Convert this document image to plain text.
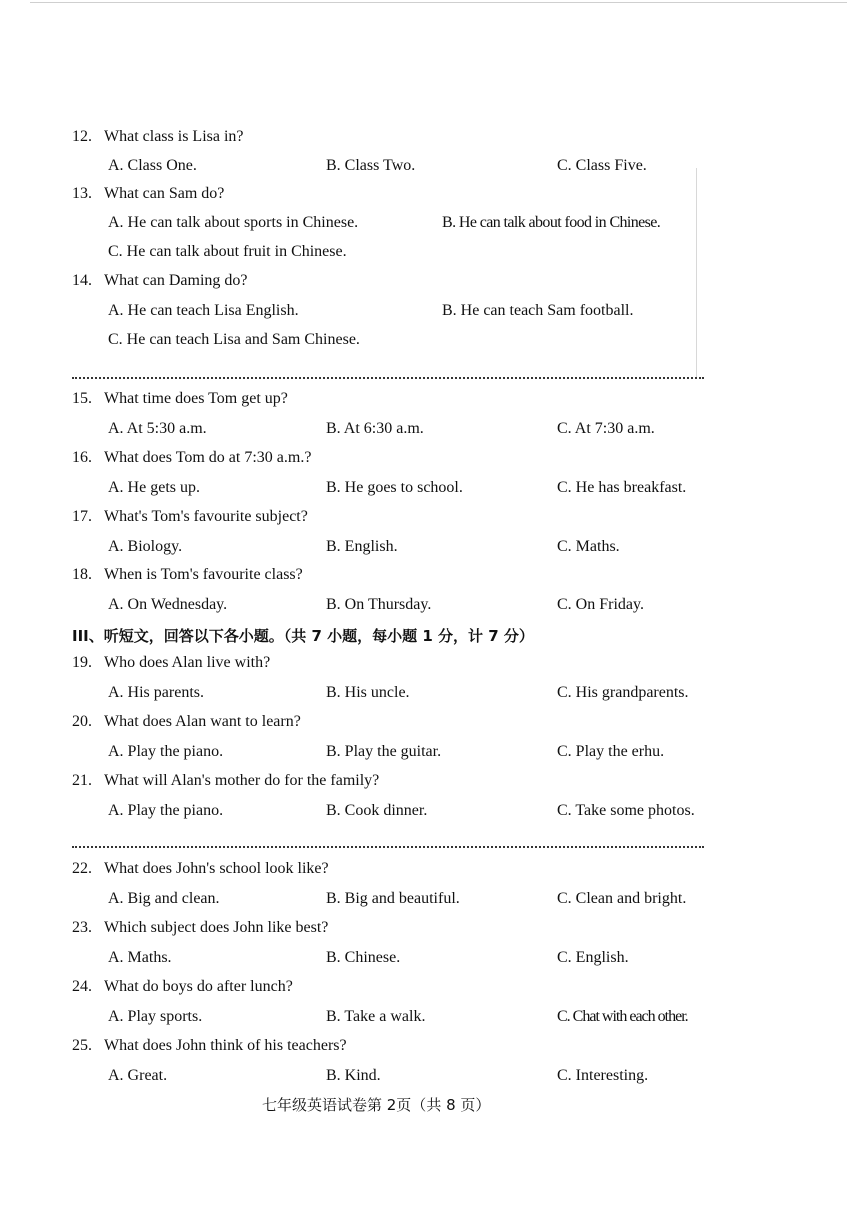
12. What class is Lisa in?
A. Class One.	B. Class Two.	C. Class Five.
13. What can Sam do?
A. He can talk about sports in Chinese.	B. He can talk about food in Chinese.
C. He can talk about fruit in Chinese.
14. What can Daming do?
A. He can teach Lisa English.	B. He can teach Sam football.
C. He can teach Lisa and Sam Chinese.
15. What time does Tom get up?
A. At 5:30 a.m.	B. At 6:30 a.m.	C. At 7:30 a.m.
16. What does Tom do at 7:30 a.m.?
A. He gets up.	B. He goes to school.	C. He has breakfast.
17. What's Tom's favourite subject?
A. Biology.	B. English.	C. Maths.
18. When is Tom's favourite class?
A. On Wednesday.	B. On Thursday.	C. On Friday.
III、听短文，回答以下各小题。（共 7 小题，每小题 1 分，计 7 分）
19. Who does Alan live with?
A. His parents.	B. His uncle.	C. His grandparents.
20. What does Alan want to learn?
A. Play the piano.	B. Play the guitar.	C. Play the erhu.
21. What will Alan's mother do for the family?
A. Play the piano.	B. Cook dinner.	C. Take some photos.
22. What does John's school look like?
A. Big and clean.	B. Big and beautiful.	C. Clean and bright.
23. Which subject does John like best?
A. Maths.	B. Chinese.	C. English.
24. What do boys do after lunch?
A. Play sports.	B. Take a walk.	C. Chat with each other.
25. What does John think of his teachers?
A. Great.	B. Kind.	C. Interesting.
七年级英语试卷第 2页（共 8 页）
